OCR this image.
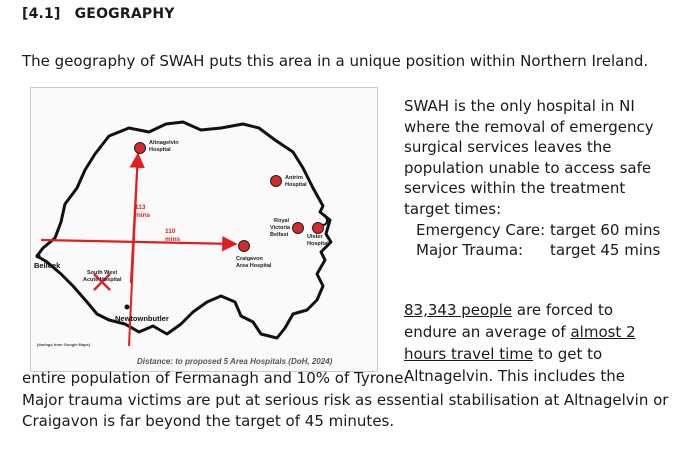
[4.1] GEOGRAPHY
The geography of SWAH puts this area in a unique position within Northern Ireland.
Altnagelvin
Hospital
Antrim
Hospital
Royal
Victoria
Belfast	Ulster
Hospital
Craigavon
Area Hospital
South West
Acute Hospital
Belleek
Newtownbutler
113
mins
110
mins
(timings from Google Maps)
Distance: to proposed 5 Area Hospitals (DoH, 2024)
SWAH is the only hospital in NI
where the removal of emergency
surgical services leaves the
population unable to access safe
services within the treatment
target times:
Emergency Care: target 60 mins
Major Trauma: target 45 mins
83,343 people are forced to
endure an average of almost 2
hours travel time to get to
Altnagelvin. This includes the
entire population of Fermanagh and 10% of Tyrone.
Major trauma victims are put at serious risk as essential stabilisation at Altnagelvin or
Craigavon is far beyond the target of 45 minutes.
